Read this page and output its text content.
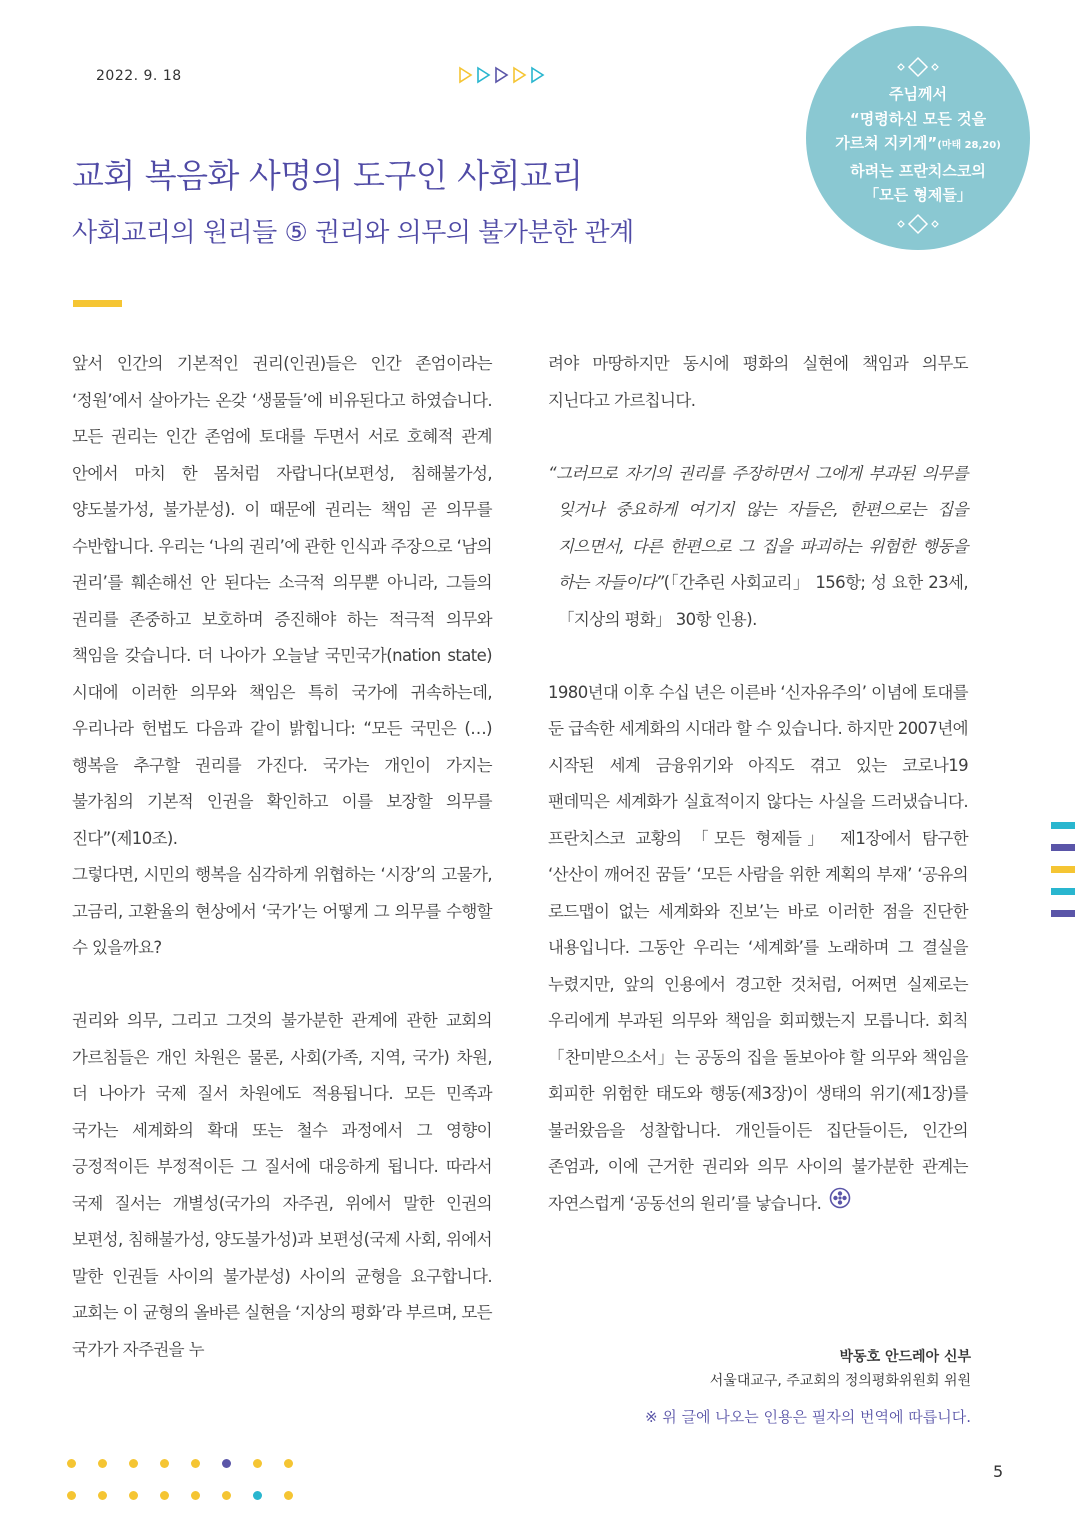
2022. 9. 18
주님께서
“명령하신 모든 것을
가르쳐 지키게”(마태 28,20)
하려는 프란치스코의
「모든 형제들」
교회 복음화 사명의 도구인 사회교리
사회교리의 원리들 ⑤ 권리와 의무의 불가분한 관계

앞서 인간의 기본적인 권리(인권)들은 인간 존엄이라는 ‘정원’에서 살아가는 온갖 ‘생물들’에 비유된다고 하였습니다. 모든 권리는 인간 존엄에 토대를 두면서 서로 호혜적 관계 안에서 마치 한 몸처럼 자랍니다(보편성, 침해불가성, 양도불가성, 불가분성). 이 때문에 권리는 책임 곧 의무를 수반합니다. 우리는 ‘나의 권리’에 관한 인식과 주장으로 ‘남의 권리’를 훼손해선 안 된다는 소극적 의무뿐 아니라, 그들의 권리를 존중하고 보호하며 증진해야 하는 적극적 의무와 책임을 갖습니다. 더 나아가 오늘날 국민국가(nation state) 시대에 이러한 의무와 책임은 특히 국가에 귀속하는데, 우리나라 헌법도 다음과 같이 밝힙니다: “모든 국민은 (…) 행복을 추구할 권리를 가진다. 국가는 개인이 가지는 불가침의 기본적 인권을 확인하고 이를 보장할 의무를 진다”(제10조).

그렇다면, 시민의 행복을 심각하게 위협하는 ‘시장’의 고물가, 고금리, 고환율의 현상에서 ‘국가’는 어떻게 그 의무를 수행할 수 있을까요?

권리와 의무, 그리고 그것의 불가분한 관계에 관한 교회의 가르침들은 개인 차원은 물론, 사회(가족, 지역, 국가) 차원, 더 나아가 국제 질서 차원에도 적용됩니다. 모든 민족과 국가는 세계화의 확대 또는 철수 과정에서 그 영향이 긍정적이든 부정적이든 그 질서에 대응하게 됩니다. 따라서 국제 질서는 개별성(국가의 자주권, 위에서 말한 인권의 보편성, 침해불가성, 양도불가성)과 보편성(국제 사회, 위에서 말한 인권들 사이의 불가분성) 사이의 균형을 요구합니다. 교회는 이 균형의 올바른 실현을 ‘지상의 평화’라 부르며, 모든 국가가 자주권을 누

려야 마땅하지만 동시에 평화의 실현에 책임과 의무도 지닌다고 가르칩니다.

“그러므로 자기의 권리를 주장하면서 그에게 부과된 의무를 잊거나 중요하게 여기지 않는 자들은, 한편으로는 집을 지으면서, 다른 한편으로 그 집을 파괴하는 위험한 행동을 하는 자들이다”(「간추린 사회교리」 156항; 성 요한 23세, 「지상의 평화」 30항 인용).

1980년대 이후 수십 년은 이른바 ‘신자유주의’ 이념에 토대를 둔 급속한 세계화의 시대라 할 수 있습니다. 하지만 2007년에 시작된 세계 금융위기와 아직도 겪고 있는 코로나19 팬데믹은 세계화가 실효적이지 않다는 사실을 드러냈습니다. 프란치스코 교황의 「모든 형제들」 제1장에서 탐구한 ‘산산이 깨어진 꿈들’ ‘모든 사람을 위한 계획의 부재’ ‘공유의 로드맵이 없는 세계화와 진보’는 바로 이러한 점을 진단한 내용입니다. 그동안 우리는 ‘세계화’를 노래하며 그 결실을 누렸지만, 앞의 인용에서 경고한 것처럼, 어쩌면 실제로는 우리에게 부과된 의무와 책임을 회피했는지 모릅니다. 회칙 「찬미받으소서」는 공동의 집을 돌보아야 할 의무와 책임을 회피한 위험한 태도와 행동(제3장)이 생태의 위기(제1장)를 불러왔음을 성찰합니다. 개인들이든 집단들이든, 인간의 존엄과, 이에 근거한 권리와 의무 사이의 불가분한 관계는 자연스럽게 ‘공동선의 원리’를 낳습니다.

박동호 안드레아 신부
서울대교구, 주교회의 정의평화위원회 위원
※ 위 글에 나오는 인용은 필자의 번역에 따릅니다.
5
